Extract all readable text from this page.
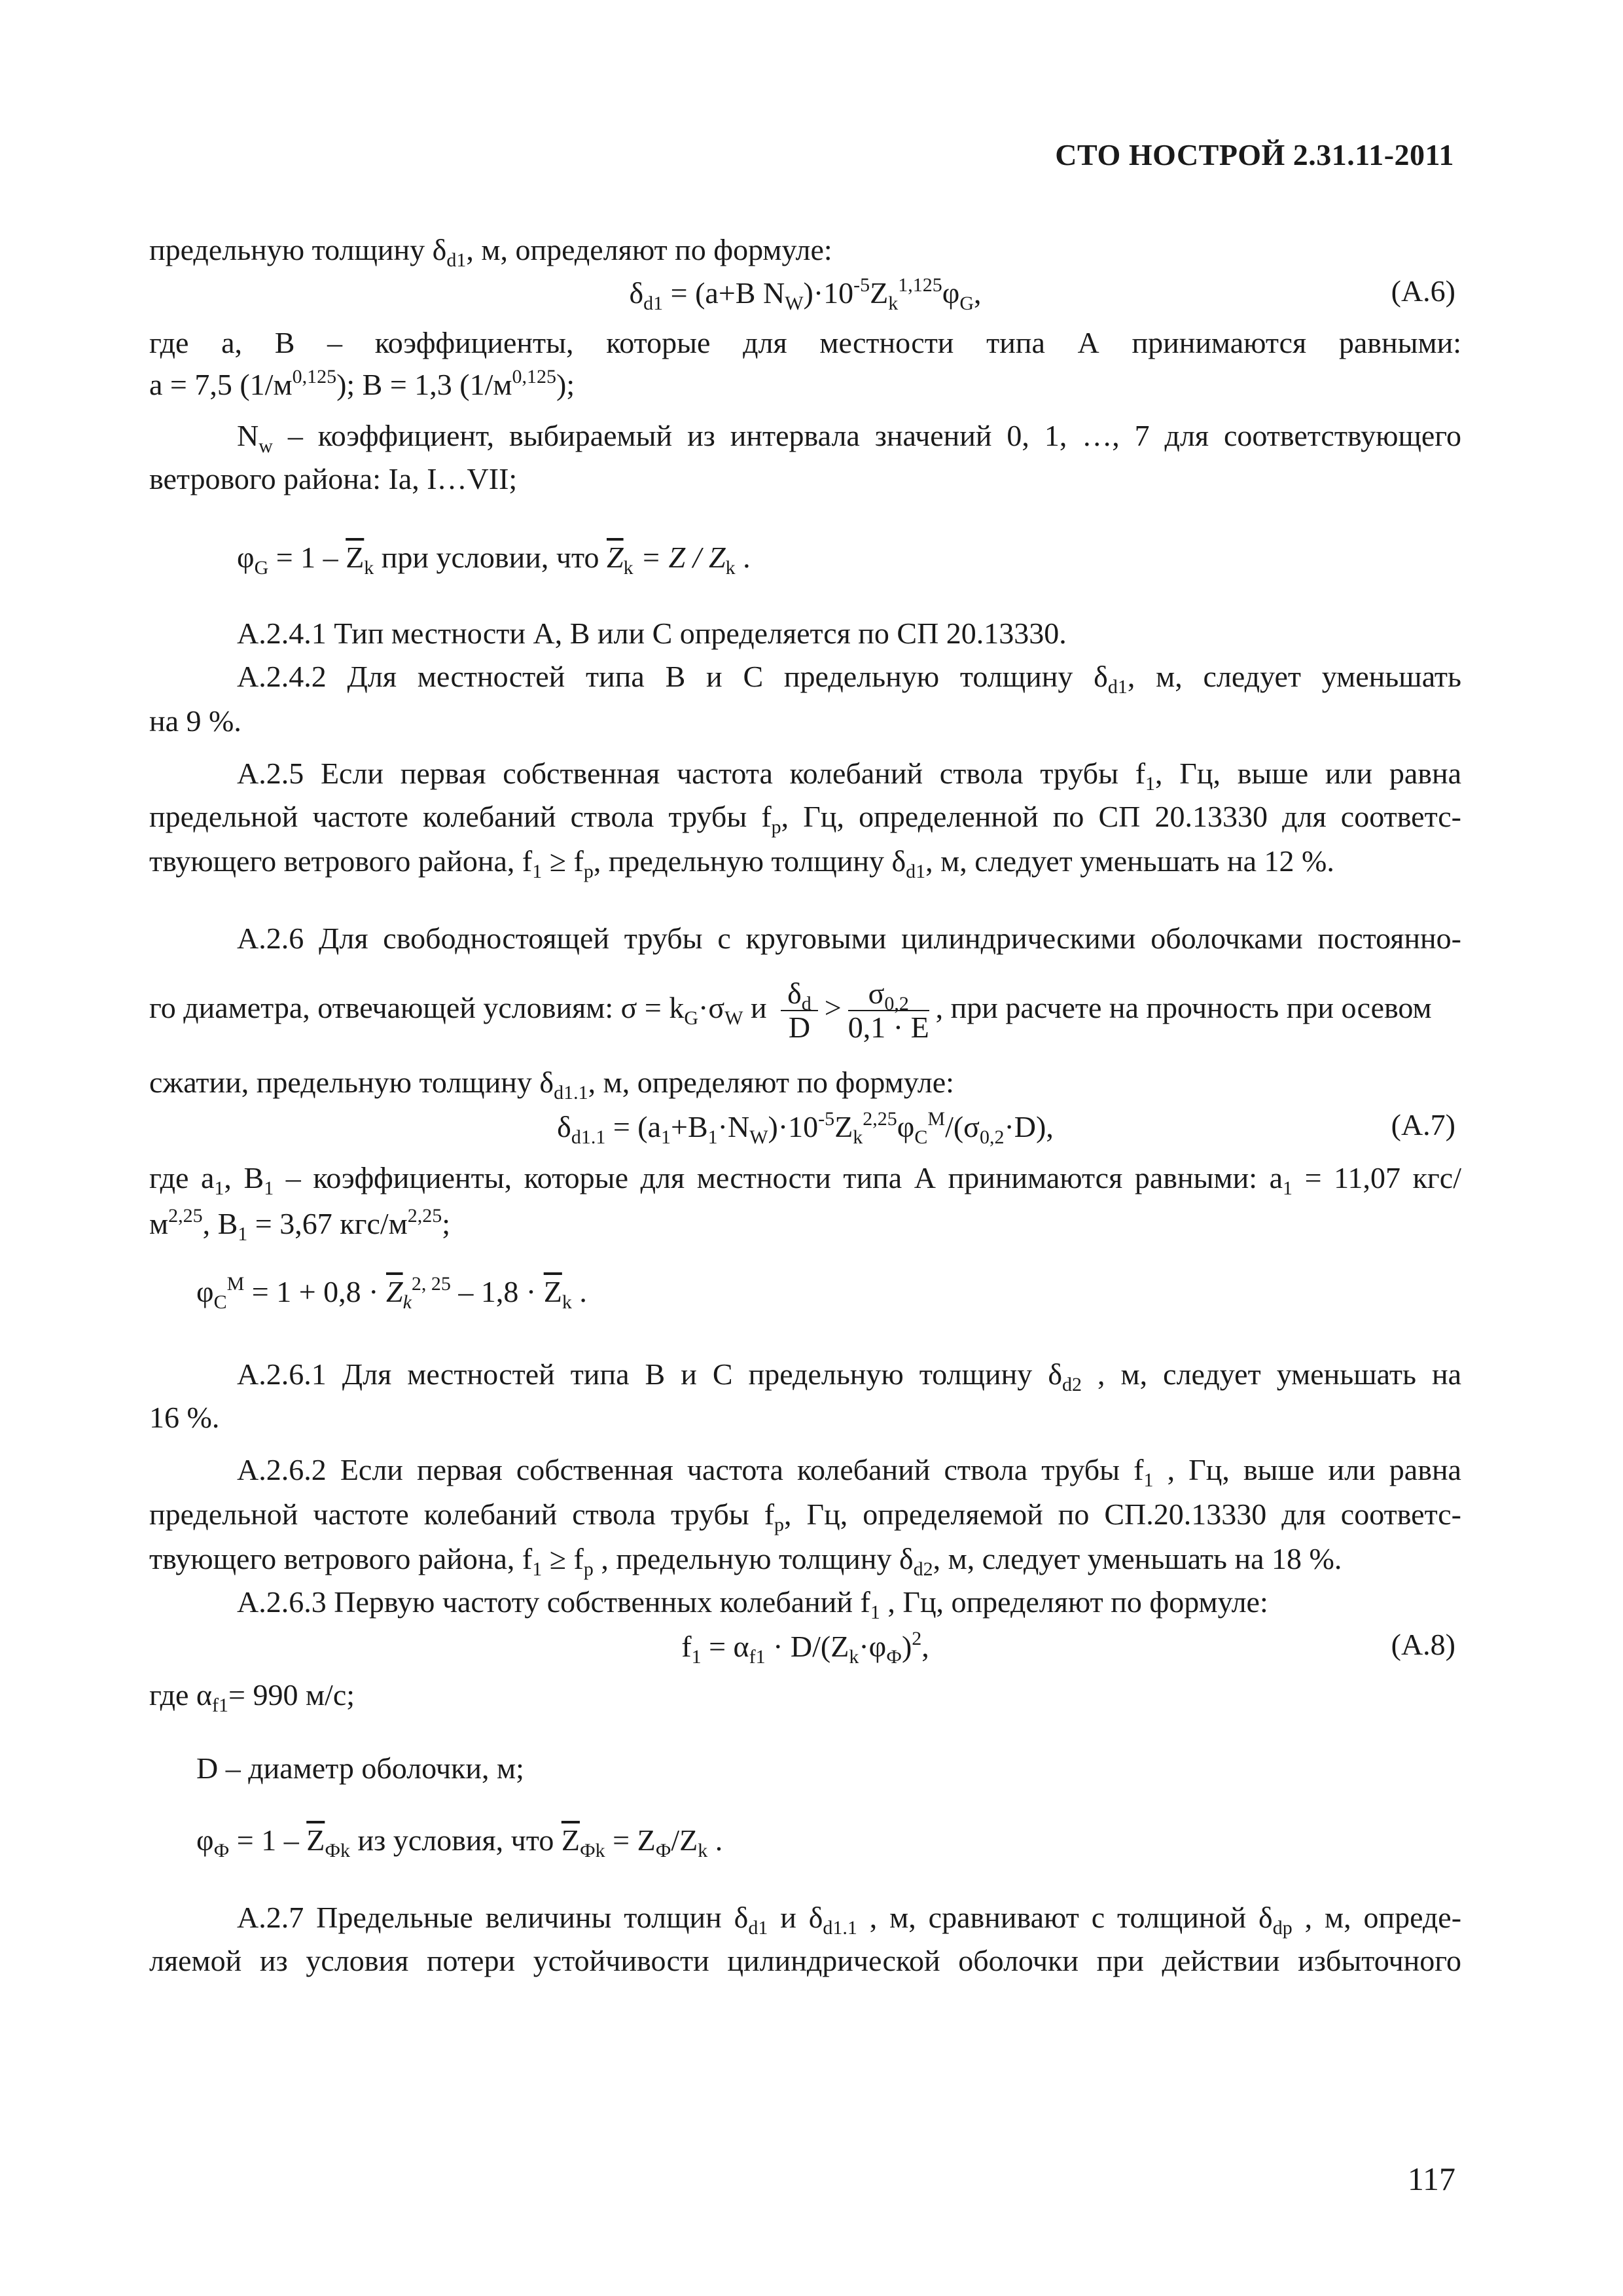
СТО НОСТРОЙ 2.31.11-2011
предельную толщину $\delta_{d1}$, м, определяют по формуле:
$\delta_{d1} = (a+B$ $N_W)\cdot 10^{-5}Z_k^{1,125}\varphi_G$,	(А.6)
где a, B – коэффициенты, которые для местности типа А принимаются равными:
a = 7,5 $(1/м^{0,125})$; B = 1,3 $(1/м^{0,125})$;
$N_w$ – коэффициент, выбираемый из интервала значений 0, 1, …, 7 для соответствующего
ветрового района: Iа, I…VII;
$\varphi_G = 1 - \overline{Z}_k$ при условии, что $\overline{Z}_k = Z / Z_k$ .
А.2.4.1 Тип местности А, В или С определяется по СП 20.13330.
А.2.4.2 Для местностей типа В и С предельную толщину $\delta_{d1}$, м, следует уменьшать
на 9 %.
А.2.5 Если первая собственная частота колебаний ствола трубы $f_1$, Гц, выше или равна
предельной частоте колебаний ствола трубы $f_p$, Гц, определенной по СП 20.13330 для соответс-
твующего ветрового района, $f_1 \ge f_p$, предельную толщину $\delta_{d1}$, м, следует уменьшать на 12 %.
А.2.6 Для свободностоящей трубы с круговыми цилиндрическими оболочками постоянно-
го диаметра, отвечающей условиям: $\sigma = k_G\cdot\sigma_W$ и $\frac{\delta_d}{D} > \frac{\sigma_{0,2}}{0,1 \cdot E}$ , при расчете на прочность при осевом
сжатии, предельную толщину $\delta_{d1.1}$, м, определяют по формуле:
$\delta_{d1.1} = (a_1+B_1\cdot N_W)\cdot 10^{-5}Z_k^{2,25}\varphi_C^M/(\sigma_{0,2}\cdot D)$,	(А.7)
где $a_1$, $B_1$ – коэффициенты, которые для местности типа А принимаются равными: $a_1 = 11,07$ кгс/
$м^{2,25}$, $B_1 = 3,67$ кгс/$м^{2,25}$;
$\varphi_C^M = 1 + 0,8 \cdot \overline{Z}_k^{2, 25} - 1,8 \cdot \overline{Z}_k$ .
А.2.6.1 Для местностей типа В и С предельную толщину $\delta_{d2}$ , м, следует уменьшать на
16 %.
А.2.6.2 Если первая собственная частота колебаний ствола трубы $f_1$ , Гц, выше или равна
предельной частоте колебаний ствола трубы $f_p$, Гц, определяемой по СП.20.13330 для соответс-
твующего ветрового района, $f_1 \ge f_p$ , предельную толщину $\delta_{d2}$, м, следует уменьшать на 18 %.
А.2.6.3 Первую частоту собственных колебаний $f_1$ , Гц, определяют по формуле:
$f_1 = \alpha_{f1} \cdot D/(Z_k\cdot\varphi_Ф)^2$,	(А.8)
где $\alpha_{f1}= 990$ м/с;
D – диаметр оболочки, м;
$\varphi_Ф = 1 - \overline{Z}_{Фk}$ из условия, что $\overline{Z}_{Фk} = Z_Ф/Z_k$ .
А.2.7 Предельные величины толщин $\delta_{d1}$ и $\delta_{d1.1}$ , м, сравнивают с толщиной $\delta_{dp}$ , м, опреде-
ляемой из условия потери устойчивости цилиндрической оболочки при действии избыточного
117
